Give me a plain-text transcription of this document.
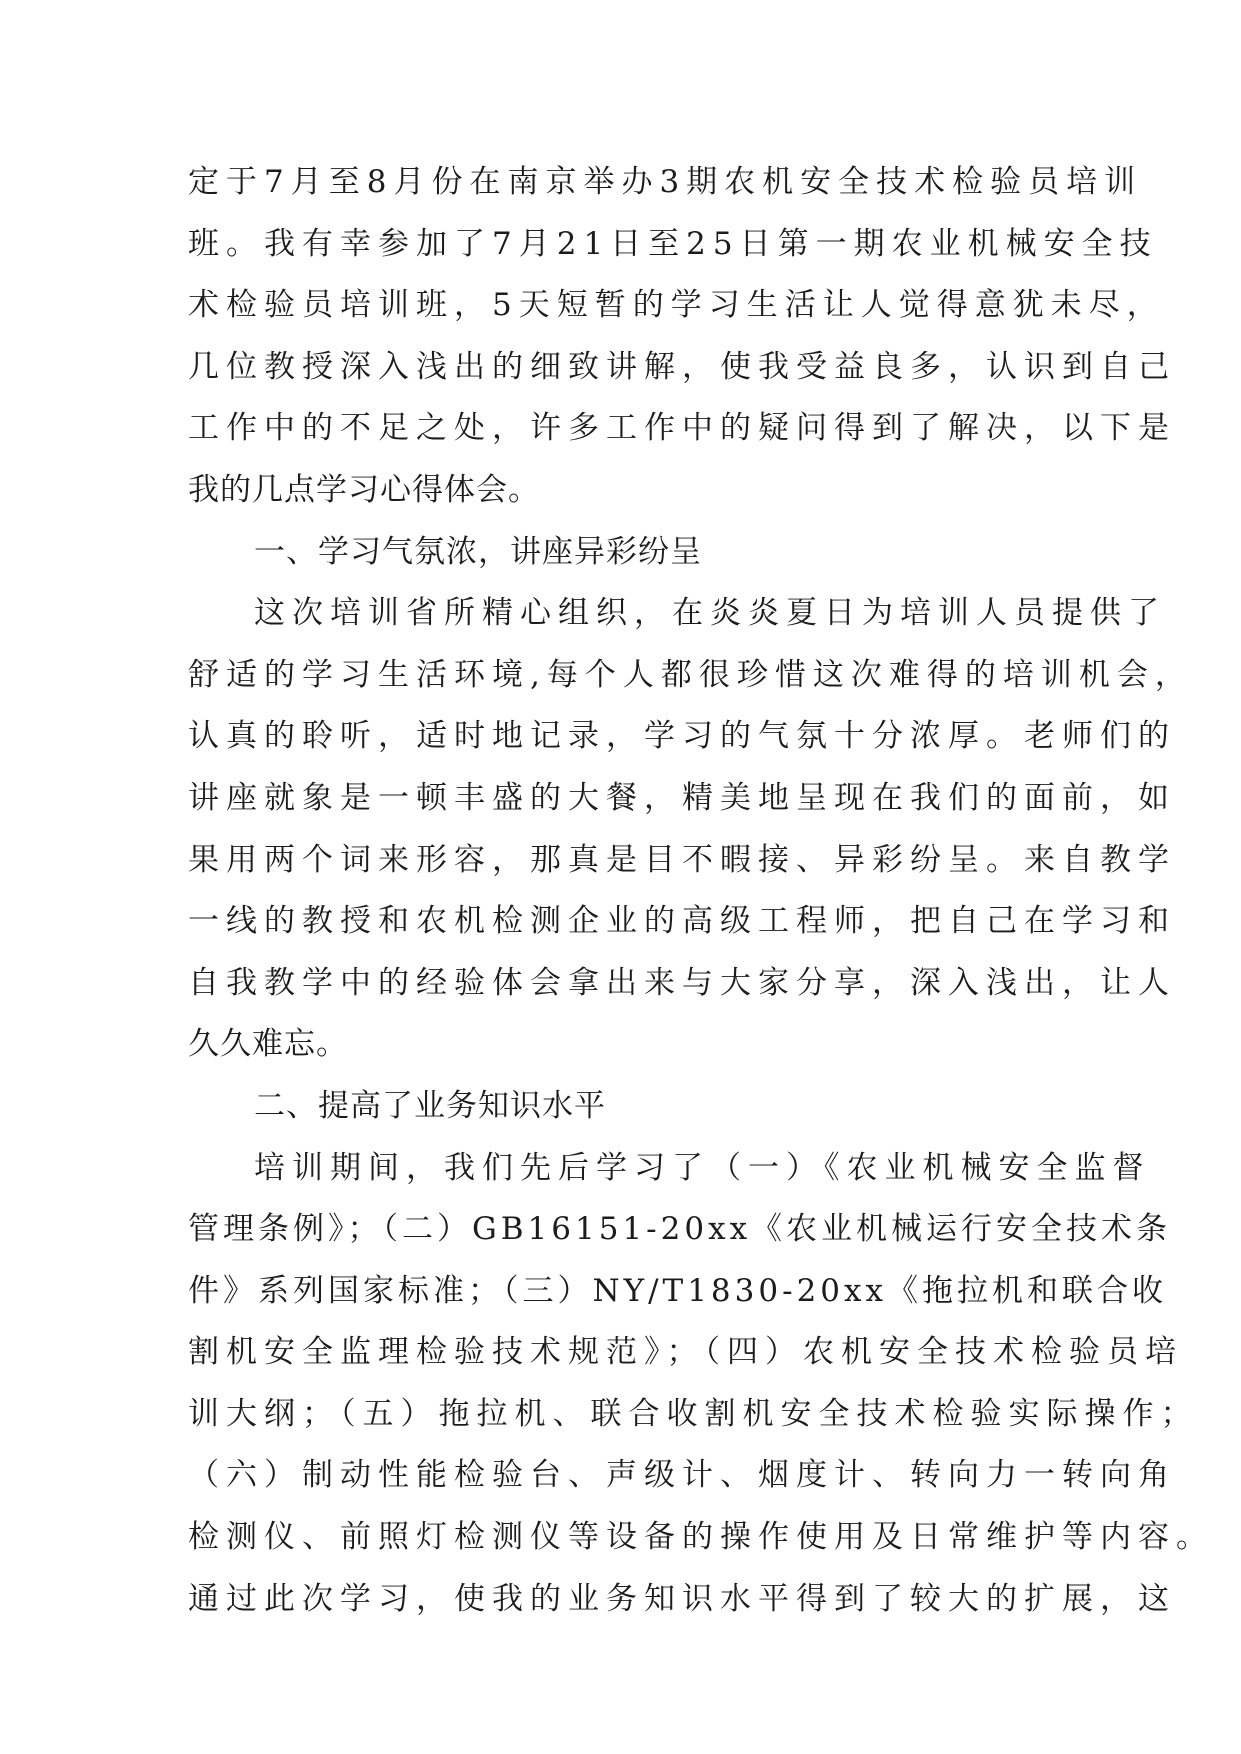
定于7月至8月份在南京举办3期农机安全技术检验员培训
班。我有幸参加了7月21日至25日第一期农业机械安全技
术检验员培训班，5天短暂的学习生活让人觉得意犹未尽，
几位教授深入浅出的细致讲解，使我受益良多，认识到自己
工作中的不足之处，许多工作中的疑问得到了解决，以下是
我的几点学习心得体会。
一、学习气氛浓，讲座异彩纷呈
这次培训省所精心组织，在炎炎夏日为培训人员提供了
舒适的学习生活环境,每个人都很珍惜这次难得的培训机会，
认真的聆听，适时地记录，学习的气氛十分浓厚。老师们的
讲座就象是一顿丰盛的大餐，精美地呈现在我们的面前，如
果用两个词来形容，那真是目不暇接、异彩纷呈。来自教学
一线的教授和农机检测企业的高级工程师，把自己在学习和
自我教学中的经验体会拿出来与大家分享，深入浅出，让人
久久难忘。
二、提高了业务知识水平
培训期间，我们先后学习了（一）《农业机械安全监督
管理条例》；（二）GB16151-20xx《农业机械运行安全技术条
件》系列国家标准；（三）NY/T1830-20xx《拖拉机和联合收
割机安全监理检验技术规范》；（四）农机安全技术检验员培
训大纲；（五）拖拉机、联合收割机安全技术检验实际操作；
（六）制动性能检验台、声级计、烟度计、转向力一转向角
检测仪、前照灯检测仪等设备的操作使用及日常维护等内容。
通过此次学习，使我的业务知识水平得到了较大的扩展，这
